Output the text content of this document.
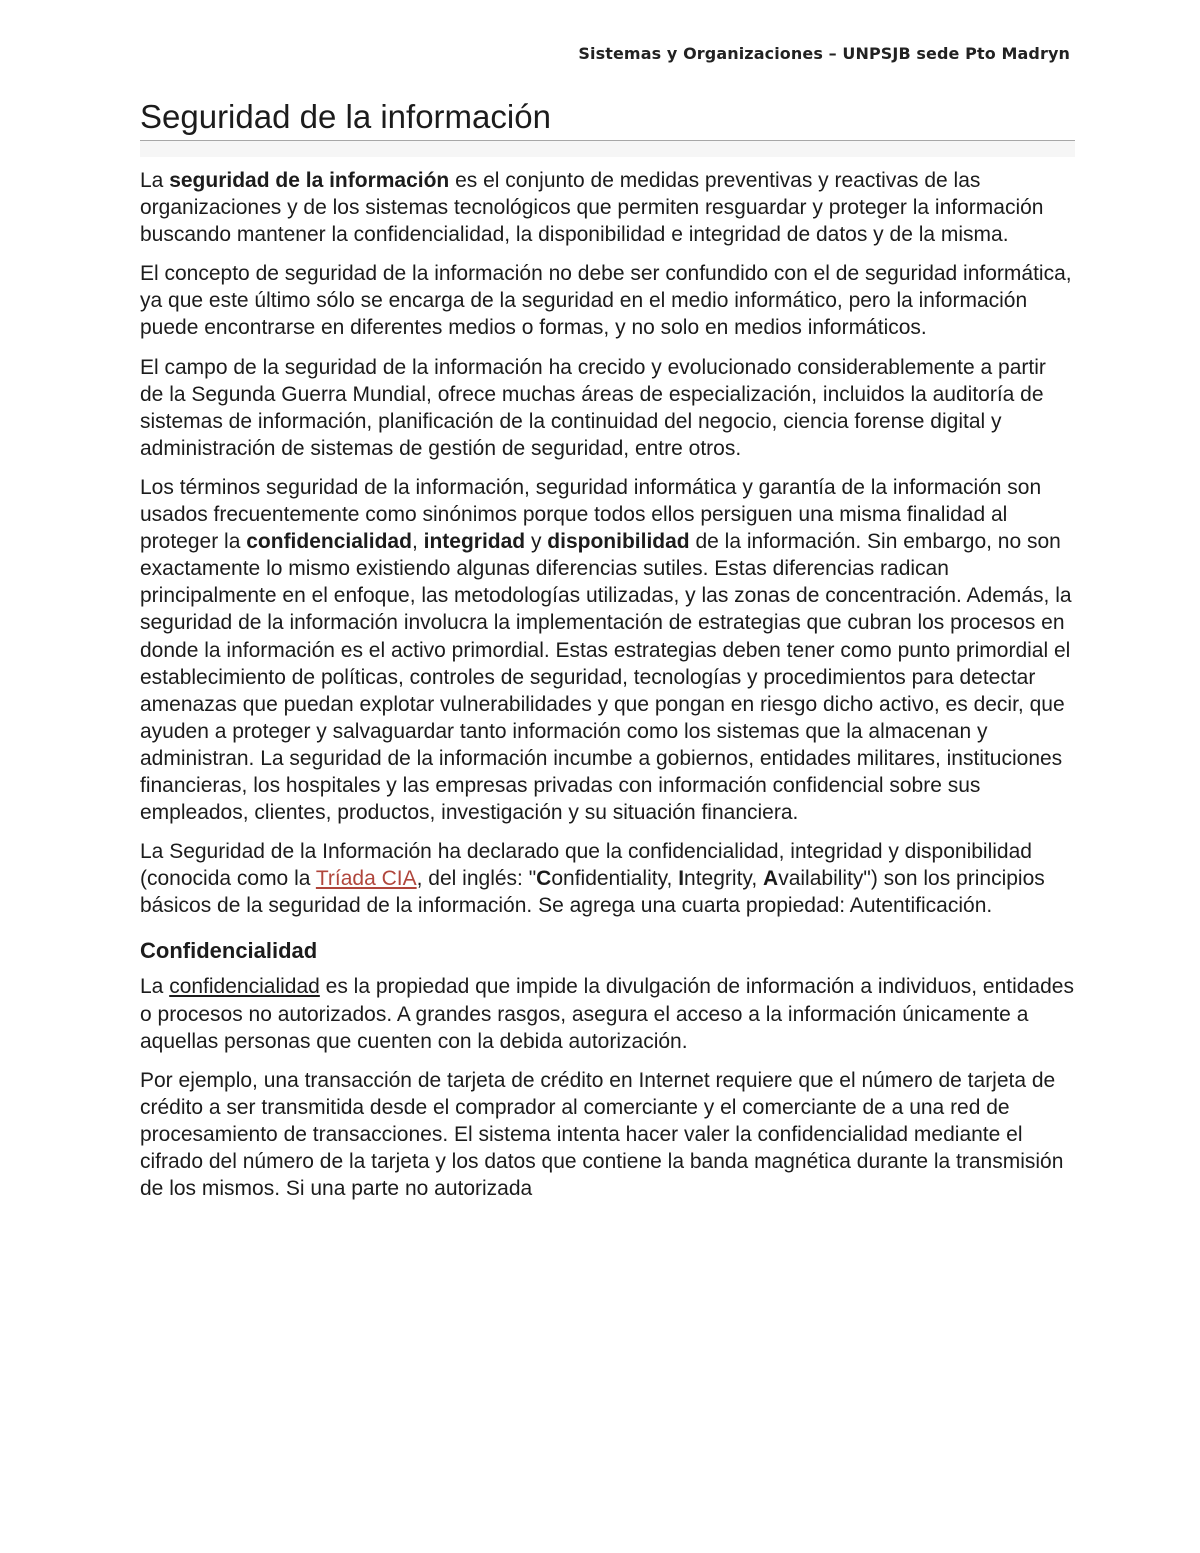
Sistemas y Organizaciones – UNPSJB sede Pto Madryn
Seguridad de la información

La seguridad de la información es el conjunto de medidas preventivas y reactivas de las organizaciones y de los sistemas tecnológicos que permiten resguardar y proteger la información buscando mantener la confidencialidad, la disponibilidad e integridad de datos y de la misma.

El concepto de seguridad de la información no debe ser confundido con el de seguridad informática, ya que este último sólo se encarga de la seguridad en el medio informático, pero la información puede encontrarse en diferentes medios o formas, y no solo en medios informáticos.

El campo de la seguridad de la información ha crecido y evolucionado considerablemente a partir de la Segunda Guerra Mundial, ofrece muchas áreas de especialización, incluidos la auditoría de sistemas de información, planificación de la continuidad del negocio, ciencia forense digital y administración de sistemas de gestión de seguridad, entre otros.

Los términos seguridad de la información, seguridad informática y garantía de la información son usados frecuentemente como sinónimos porque todos ellos persiguen una misma finalidad al proteger la confidencialidad, integridad y disponibilidad de la información. Sin embargo, no son exactamente lo mismo existiendo algunas diferencias sutiles. Estas diferencias radican principalmente en el enfoque, las metodologías utilizadas, y las zonas de concentración. Además, la seguridad de la información involucra la implementación de estrategias que cubran los procesos en donde la información es el activo primordial. Estas estrategias deben tener como punto primordial el establecimiento de políticas, controles de seguridad, tecnologías y procedimientos para detectar amenazas que puedan explotar vulnerabilidades y que pongan en riesgo dicho activo, es decir, que ayuden a proteger y salvaguardar tanto información como los sistemas que la almacenan y administran. La seguridad de la información incumbe a gobiernos, entidades militares, instituciones financieras, los hospitales y las empresas privadas con información confidencial sobre sus empleados, clientes, productos, investigación y su situación financiera.

La Seguridad de la Información ha declarado que la confidencialidad, integridad y disponibilidad (conocida como la Tríada CIA, del inglés: "Confidentiality, Integrity, Availability") son los principios básicos de la seguridad de la información. Se agrega una cuarta propiedad: Autentificación.

Confidencialidad

La confidencialidad es la propiedad que impide la divulgación de información a individuos, entidades o procesos no autorizados. A grandes rasgos, asegura el acceso a la información únicamente a aquellas personas que cuenten con la debida autorización.

Por ejemplo, una transacción de tarjeta de crédito en Internet requiere que el número de tarjeta de crédito a ser transmitida desde el comprador al comerciante y el comerciante de a una red de procesamiento de transacciones. El sistema intenta hacer valer la confidencialidad mediante el cifrado del número de la tarjeta y los datos que contiene la banda magnética durante la transmisión de los mismos. Si una parte no autorizada
